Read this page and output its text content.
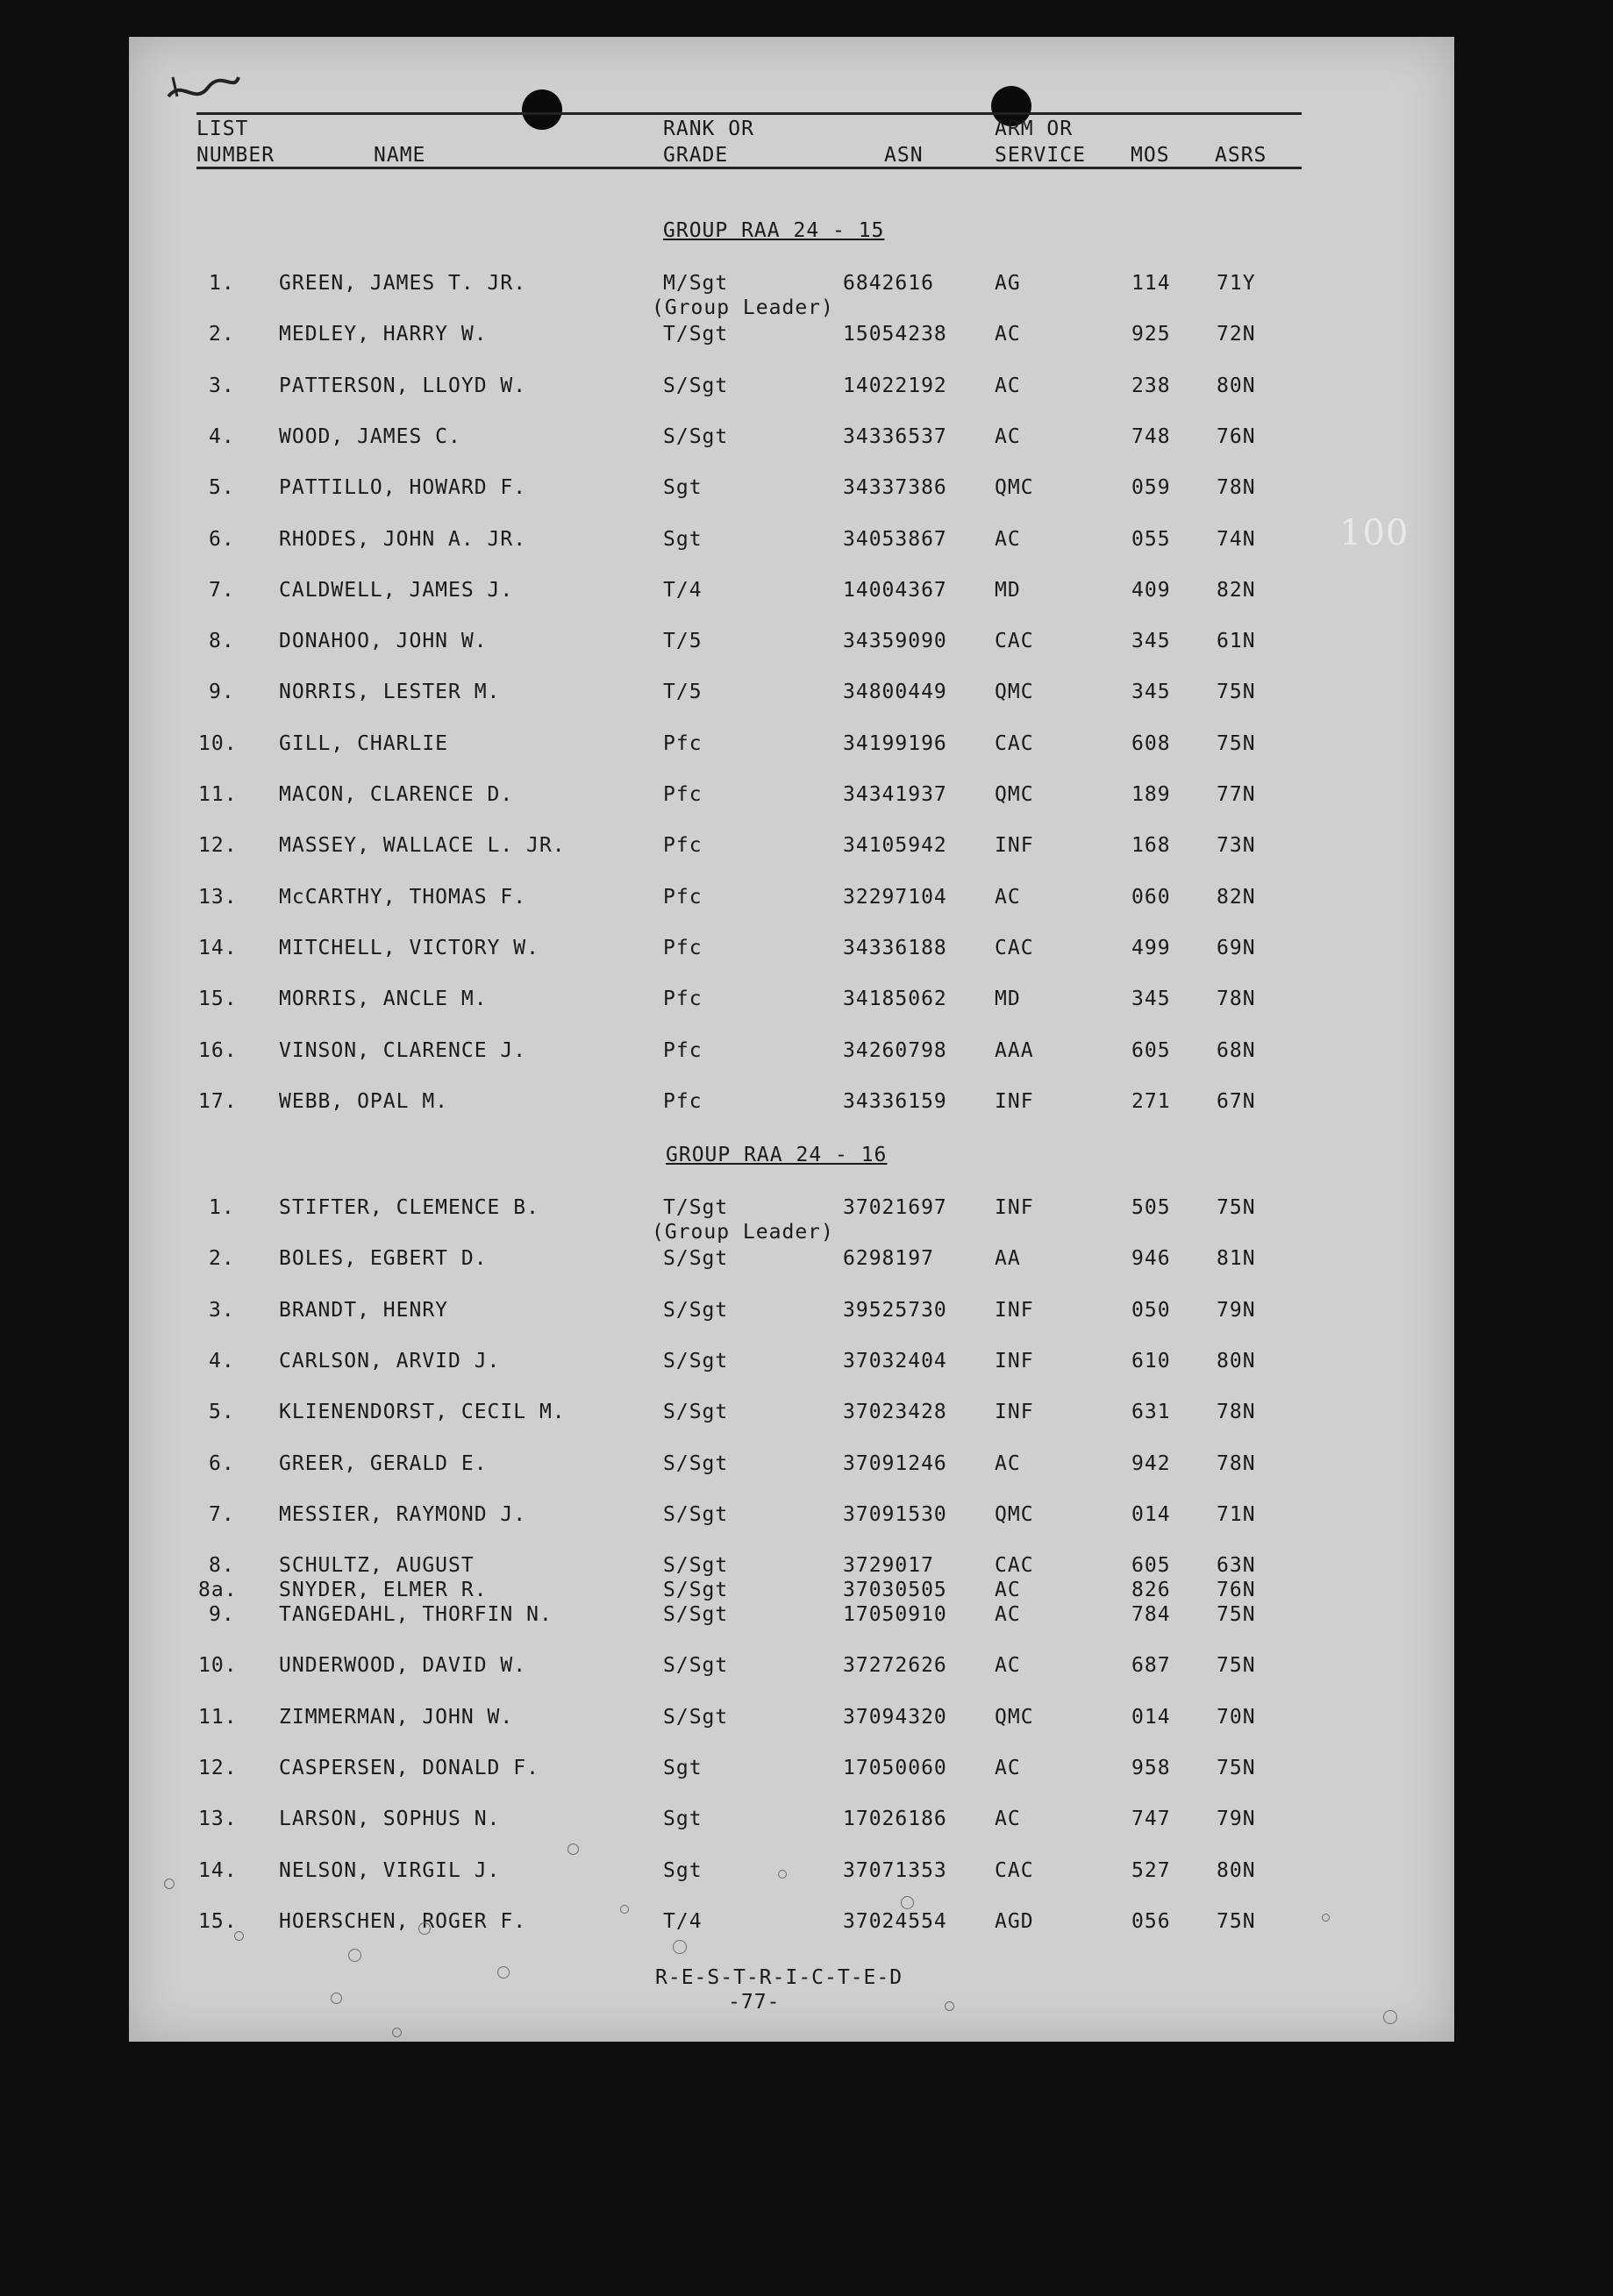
LIST
NUMBER	NAME
RANK OR
GRADE	ASN
ARM OR
SERVICE MOS ASRS
GROUP RAA 24 - 15
1. GREEN, JAMES T. JR.	M/Sgt	6842616	AG	114 71Y
(Group Leader)
2. MEDLEY, HARRY W.	T/Sgt	15054238 AC	925 72N
3. PATTERSON, LLOYD W.	S/Sgt	14022192 AC	238 80N
4. WOOD, JAMES C.	S/Sgt	34336537 AC	748 76N
5. PATTILLO, HOWARD F.	Sgt	34337386 QMC	059 78N
6. RHODES, JOHN A. JR.	Sgt	34053867 AC	055 74N
7. CALDWELL, JAMES J.	T/4	14004367 MD	409 82N
8. DONAHOO, JOHN W.	T/5	34359090 CAC	345 61N
9. NORRIS, LESTER M.	T/5	34800449 QMC	345 75N
10. GILL, CHARLIE	Pfc	34199196 CAC	608 75N
11. MACON, CLARENCE D.	Pfc	34341937 QMC	189 77N
12. MASSEY, WALLACE L. JR.	Pfc	34105942 INF	168 73N
13. McCARTHY, THOMAS F.	Pfc	32297104 AC	060 82N
14. MITCHELL, VICTORY W.	Pfc	34336188 CAC	499 69N
15. MORRIS, ANCLE M.	Pfc	34185062 MD	345 78N
16. VINSON, CLARENCE J.	Pfc	34260798 AAA	605 68N
17. WEBB, OPAL M.	Pfc	34336159 INF	271 67N
GROUP RAA 24 - 16
1. STIFTER, CLEMENCE B.	T/Sgt	37021697 INF	505 75N
(Group Leader)
2. BOLES, EGBERT D.	S/Sgt	6298197	AA	946 81N
3. BRANDT, HENRY	S/Sgt	39525730 INF	050 79N
4. CARLSON, ARVID J.	S/Sgt	37032404 INF	610 80N
5. KLIENENDORST, CECIL M.	S/Sgt	37023428 INF	631 78N
6. GREER, GERALD E.	S/Sgt	37091246 AC	942 78N
7. MESSIER, RAYMOND J.	S/Sgt	37091530 QMC	014 71N
8. SCHULTZ, AUGUST	S/Sgt	3729017	CAC	605 63N
8a. SNYDER, ELMER R.	S/Sgt	37030505 AC	826 76N
9. TANGEDAHL, THORFIN N.	S/Sgt	17050910 AC	784 75N
10. UNDERWOOD, DAVID W.	S/Sgt	37272626 AC	687 75N
11. ZIMMERMAN, JOHN W.	S/Sgt	37094320 QMC	014 70N
12. CASPERSEN, DONALD F.	Sgt	17050060 AC	958 75N
13. LARSON, SOPHUS N.	Sgt	17026186 AC	747 79N
14. NELSON, VIRGIL J.	Sgt	37071353 CAC	527 80N
15. HOERSCHEN, ROGER F.	T/4	37024554 AGD	056 75N
R-E-S-T-R-I-C-T-E-D
-77-
100
